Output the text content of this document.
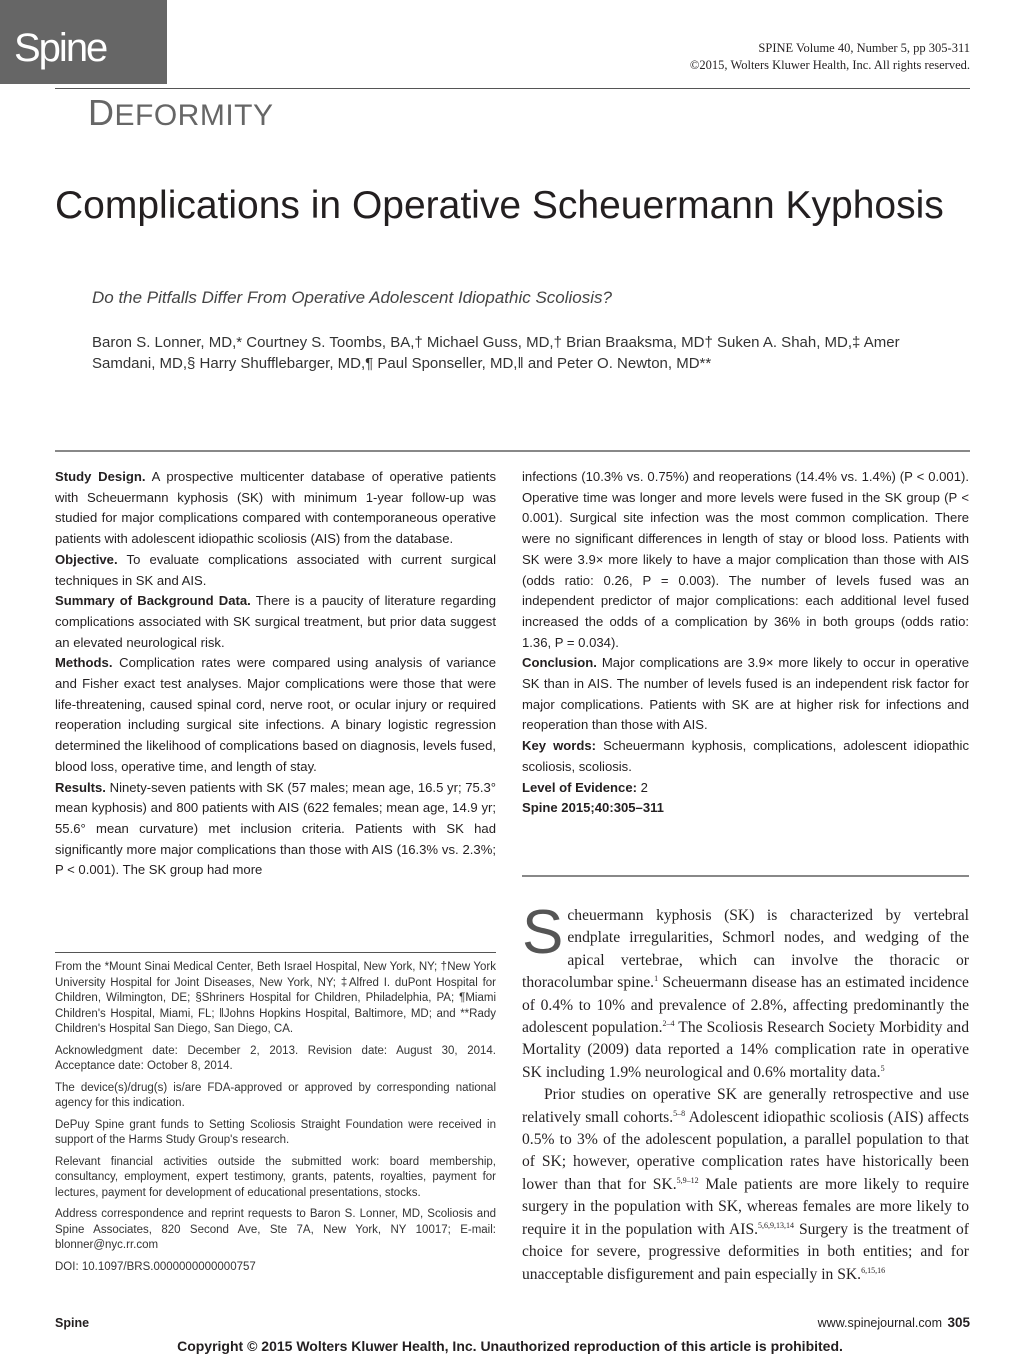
Spine	SPINE Volume 40, Number 5, pp 305-311
©2015, Wolters Kluwer Health, Inc. All rights reserved.
DEFORMITY
Complications in Operative Scheuermann Kyphosis
Do the Pitfalls Differ From Operative Adolescent Idiopathic Scoliosis?
Baron S. Lonner, MD,* Courtney S. Toombs, BA,† Michael Guss, MD,† Brian Braaksma, MD† Suken A. Shah, MD,‡ Amer Samdani, MD,§ Harry Shufflebarger, MD,¶ Paul Sponseller, MD,‖ and Peter O. Newton, MD**

Study Design. A prospective multicenter database of operative patients with Scheuermann kyphosis (SK) with minimum 1-year follow-up was studied for major complications compared with contemporaneous operative patients with adolescent idiopathic scoliosis (AIS) from the database.

Objective. To evaluate complications associated with current surgical techniques in SK and AIS.

Summary of Background Data. There is a paucity of literature regarding complications associated with SK surgical treatment, but prior data suggest an elevated neurological risk.

Methods. Complication rates were compared using analysis of variance and Fisher exact test analyses. Major complications were those that were life-threatening, caused spinal cord, nerve root, or ocular injury or required reoperation including surgical site infections. A binary logistic regression determined the likelihood of complications based on diagnosis, levels fused, blood loss, operative time, and length of stay.

Results. Ninety-seven patients with SK (57 males; mean age, 16.5 yr; 75.3° mean kyphosis) and 800 patients with AIS (622 females; mean age, 14.9 yr; 55.6° mean curvature) met inclusion criteria. Patients with SK had significantly more major complications than those with AIS (16.3% vs. 2.3%; P < 0.001). The SK group had more

infections (10.3% vs. 0.75%) and reoperations (14.4% vs. 1.4%) (P < 0.001). Operative time was longer and more levels were fused in the SK group (P < 0.001). Surgical site infection was the most common complication. There were no significant differences in length of stay or blood loss. Patients with SK were 3.9× more likely to have a major complication than those with AIS (odds ratio: 0.26, P = 0.003). The number of levels fused was an independent predictor of major complications: each additional level fused increased the odds of a complication by 36% in both groups (odds ratio: 1.36, P = 0.034).

Conclusion. Major complications are 3.9× more likely to occur in operative SK than in AIS. The number of levels fused is an independent risk factor for major complications. Patients with SK are at higher risk for infections and reoperation than those with AIS.

Key words: Scheuermann kyphosis, complications, adolescent idiopathic scoliosis, scoliosis.

Level of Evidence: 2

Spine 2015;40:305–311

From the *Mount Sinai Medical Center, Beth Israel Hospital, New York, NY; †New York University Hospital for Joint Diseases, New York, NY; ‡Alfred I. duPont Hospital for Children, Wilmington, DE; §Shriners Hospital for Children, Philadelphia, PA; ¶Miami Children's Hospital, Miami, FL; ‖Johns Hopkins Hospital, Baltimore, MD; and **Rady Children's Hospital San Diego, San Diego, CA.

Acknowledgment date: December 2, 2013. Revision date: August 30, 2014. Acceptance date: October 8, 2014.

The device(s)/drug(s) is/are FDA-approved or approved by corresponding national agency for this indication.

DePuy Spine grant funds to Setting Scoliosis Straight Foundation were received in support of the Harms Study Group's research.

Relevant financial activities outside the submitted work: board membership, consultancy, employment, expert testimony, grants, patents, royalties, payment for lectures, payment for development of educational presentations, stocks.

Address correspondence and reprint requests to Baron S. Lonner, MD, Scoliosis and Spine Associates, 820 Second Ave, Ste 7A, New York, NY 10017; E-mail: blonner@nyc.rr.com

DOI: 10.1097/BRS.0000000000000757

Scheuermann kyphosis (SK) is characterized by vertebral endplate irregularities, Schmorl nodes, and wedging of the apical vertebrae, which can involve the thoracic or thoracolumbar spine.$^1$ Scheuermann disease has an estimated incidence of 0.4% to 10% and prevalence of 2.8%, affecting predominantly the adolescent population.$^{2-4}$ The Scoliosis Research Society Morbidity and Mortality (2009) data reported a 14% complication rate in operative SK including 1.9% neurological and 0.6% mortality data.$^5$

Prior studies on operative SK are generally retrospective and use relatively small cohorts.$^{5-8}$ Adolescent idiopathic scoliosis (AIS) affects 0.5% to 3% of the adolescent population, a parallel population to that of SK; however, operative complication rates have historically been lower than that for SK.$^{5,9-12}$ Male patients are more likely to require surgery in the population with SK, whereas females are more likely to require it in the population with AIS.$^{5,6,9,13,14}$ Surgery is the treatment of choice for severe, progressive deformities in both entities; and for unacceptable disfigurement and pain especially in SK.$^{6,15,16}$

Spine	www.spinejournal.com 305
Copyright © 2015 Wolters Kluwer Health, Inc. Unauthorized reproduction of this article is prohibited.
